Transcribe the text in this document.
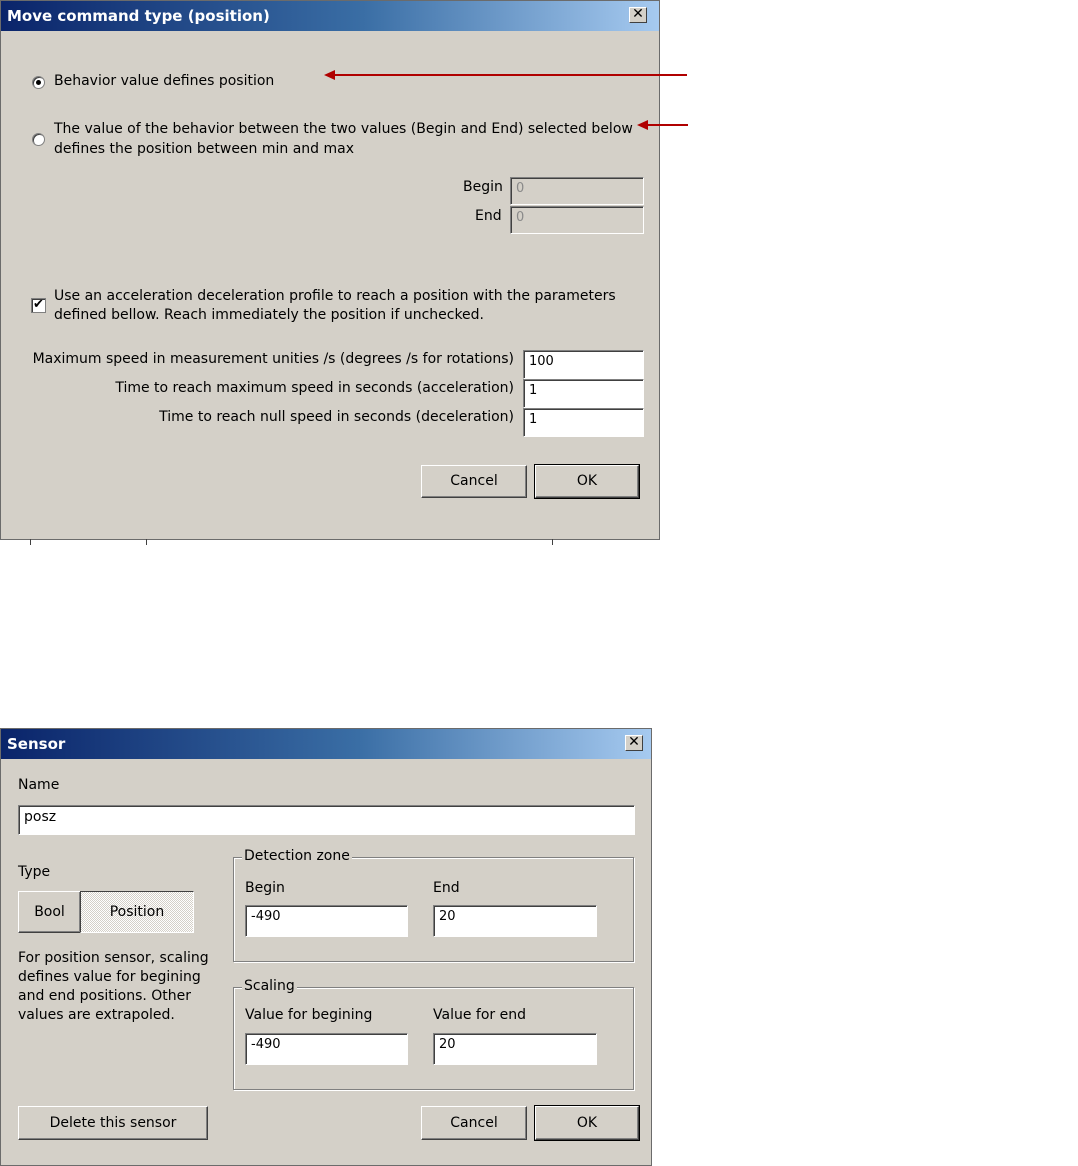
Move command type (position)	✕
Behavior value defines position
The value of the behavior between the two values (Begin and End) selected below
defines the position between min and max
Begin	0
End	0
✔
Use an acceleration deceleration profile to reach a position with the parameters
defined bellow. Reach immediately the position if unchecked.
Maximum speed in measurement unities /s (degrees /s for rotations)	100
Time to reach maximum speed in seconds (acceleration)	1
Time to reach null speed in seconds (deceleration)	1
Cancel	OK
Sensor	✕
Name
posz
Type
Bool	Position
For position sensor, scaling
defines value for begining
and end positions. Other
values are extrapoled.
Detection zone
Begin
-490
End
20
Scaling
Value for begining
-490
Value for end
20
Delete this sensor	Cancel	OK
